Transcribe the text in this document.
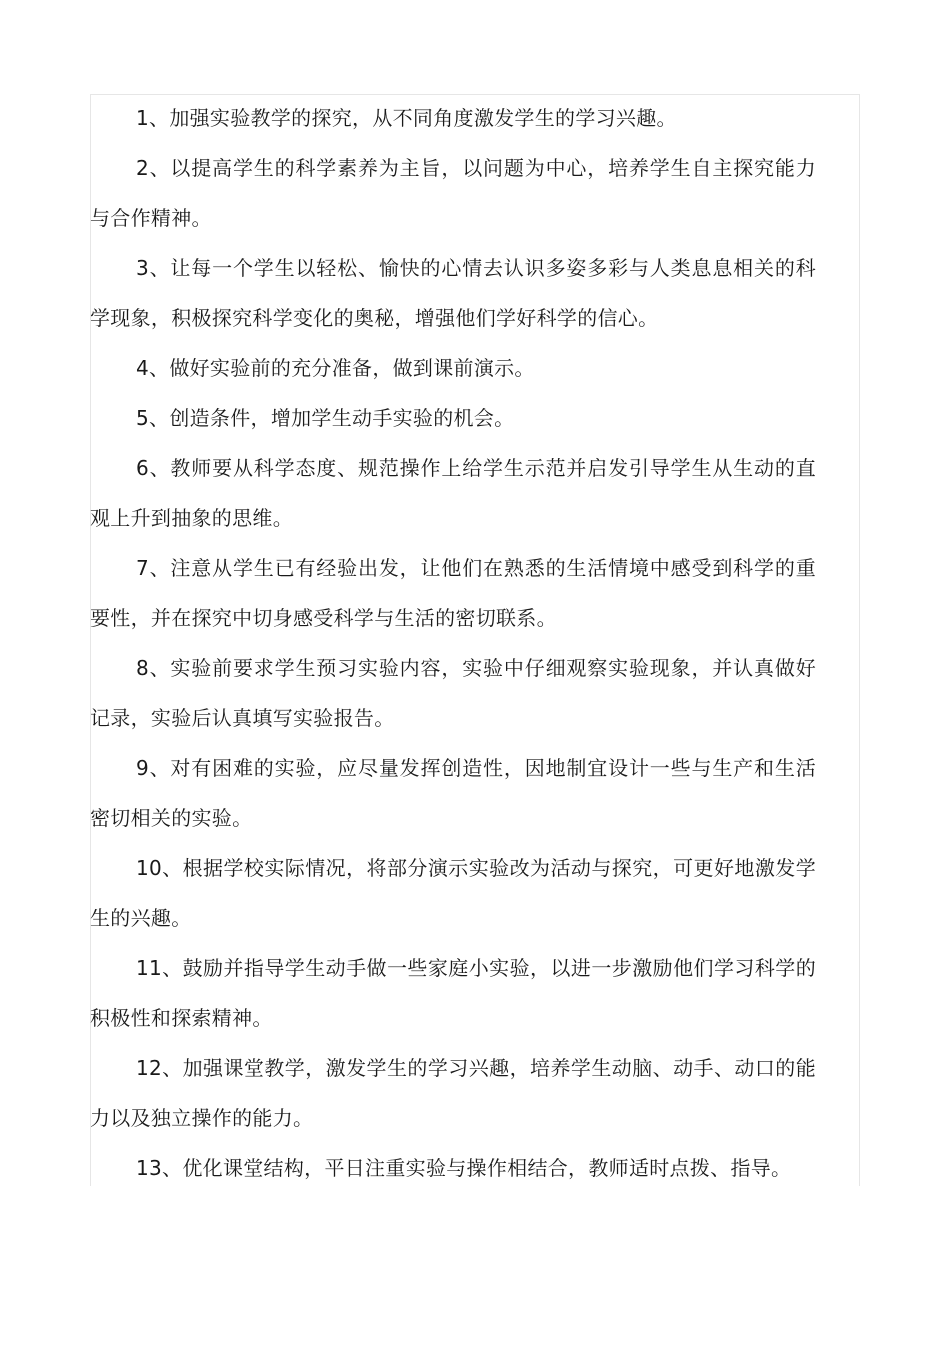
1、加强实验教学的探究，从不同角度激发学生的学习兴趣。

2、以提高学生的科学素养为主旨，以问题为中心，培养学生自主探究能力与合作精神。

3、让每一个学生以轻松、愉快的心情去认识多姿多彩与人类息息相关的科学现象，积极探究科学变化的奥秘，增强他们学好科学的信心。

4、做好实验前的充分准备，做到课前演示。

5、创造条件，增加学生动手实验的机会。

6、教师要从科学态度、规范操作上给学生示范并启发引导学生从生动的直观上升到抽象的思维。

7、注意从学生已有经验出发，让他们在熟悉的生活情境中感受到科学的重要性，并在探究中切身感受科学与生活的密切联系。

8、实验前要求学生预习实验内容，实验中仔细观察实验现象，并认真做好记录，实验后认真填写实验报告。

9、对有困难的实验，应尽量发挥创造性，因地制宜设计一些与生产和生活密切相关的实验。

10、根据学校实际情况，将部分演示实验改为活动与探究，可更好地激发学生的兴趣。

11、鼓励并指导学生动手做一些家庭小实验，以进一步激励他们学习科学的积极性和探索精神。

12、加强课堂教学，激发学生的学习兴趣，培养学生动脑、动手、动口的能力以及独立操作的能力。

13、优化课堂结构，平日注重实验与操作相结合，教师适时点拨、指导。
